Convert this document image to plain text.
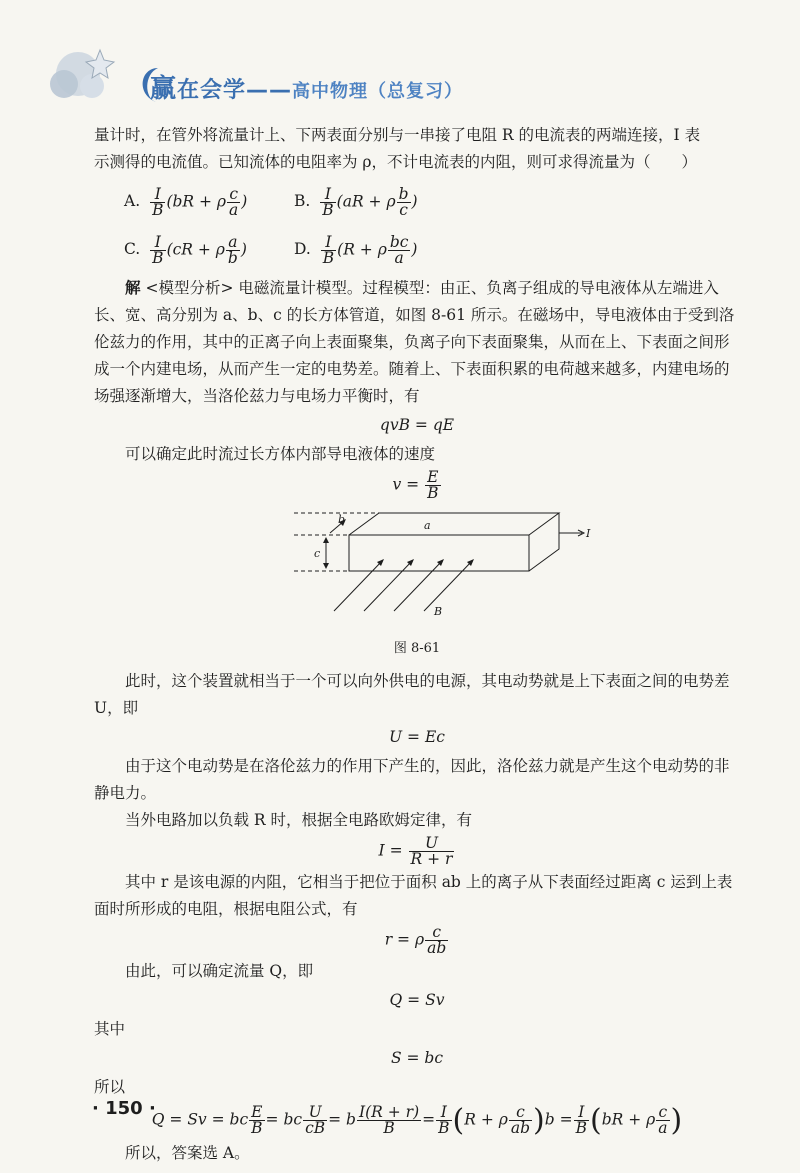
赢在会学——高中物理（总复习）

量计时，在管外将流量计上、下两表面分别与一串接了电阻 R 的电流表的两端连接，I 表

示测得的电流值。已知流体的电阻率为 ρ，不计电流表的内阻，则可求得流量为（　　）

A. $\frac{I}{B} (bR + \rho \frac{c}{a}$ )	B. $\frac{I}{B} (aR + \rho \frac{b}{c}$ )
C. $\frac{I}{B} (cR + \rho \frac{a}{b}$ )	D. $\frac{I}{B} (R + \rho \frac{bc}{a}$ )

解 <模型分析> 电磁流量计模型。过程模型：由正、负离子组成的导电液体从左端进入长、宽、高分别为 a、b、c 的长方体管道，如图 8-61 所示。在磁场中，导电液体由于受到洛伦兹力的作用，其中的正离子向上表面聚集，负离子向下表面聚集，从而在上、下表面之间形成一个内建电场，从而产生一定的电势差。随着上、下表面积累的电荷越来越多，内建电场的场强逐渐增大，当洛伦兹力与电场力平衡时，有

qvB = qE

可以确定此时流过长方体内部导电液体的速度

$v = \frac{E}{B}$

a
b
c
B
I

图 8-61

此时，这个装置就相当于一个可以向外供电的电源，其电动势就是上下表面之间的电势差 U，即

U = Ec

由于这个电动势是在洛伦兹力的作用下产生的，因此，洛伦兹力就是产生这个电动势的非静电力。

当外电路加以负载 R 时，根据全电路欧姆定律，有

$I = \frac{U}{R + r}$

其中 r 是该电源的内阻，它相当于把位于面积 ab 上的离子从下表面经过距离 c 运到上表面时所形成的电阻，根据电阻公式，有

r = ρ $\frac{c}{ab}$

由此，可以确定流量 Q，即

Q = Sv

其中

S = bc

所以

Q = Sv = bc $\frac{E}{B}$ = bc $\frac{U}{cB} = b \frac{I(R + r)}{B} = \frac{I}{B} (R + \rho \frac{c}{ab} )b = \frac{I}{B} (bR + \rho \frac{c}{a}$ )

所以，答案选 A。

· 150 ·
